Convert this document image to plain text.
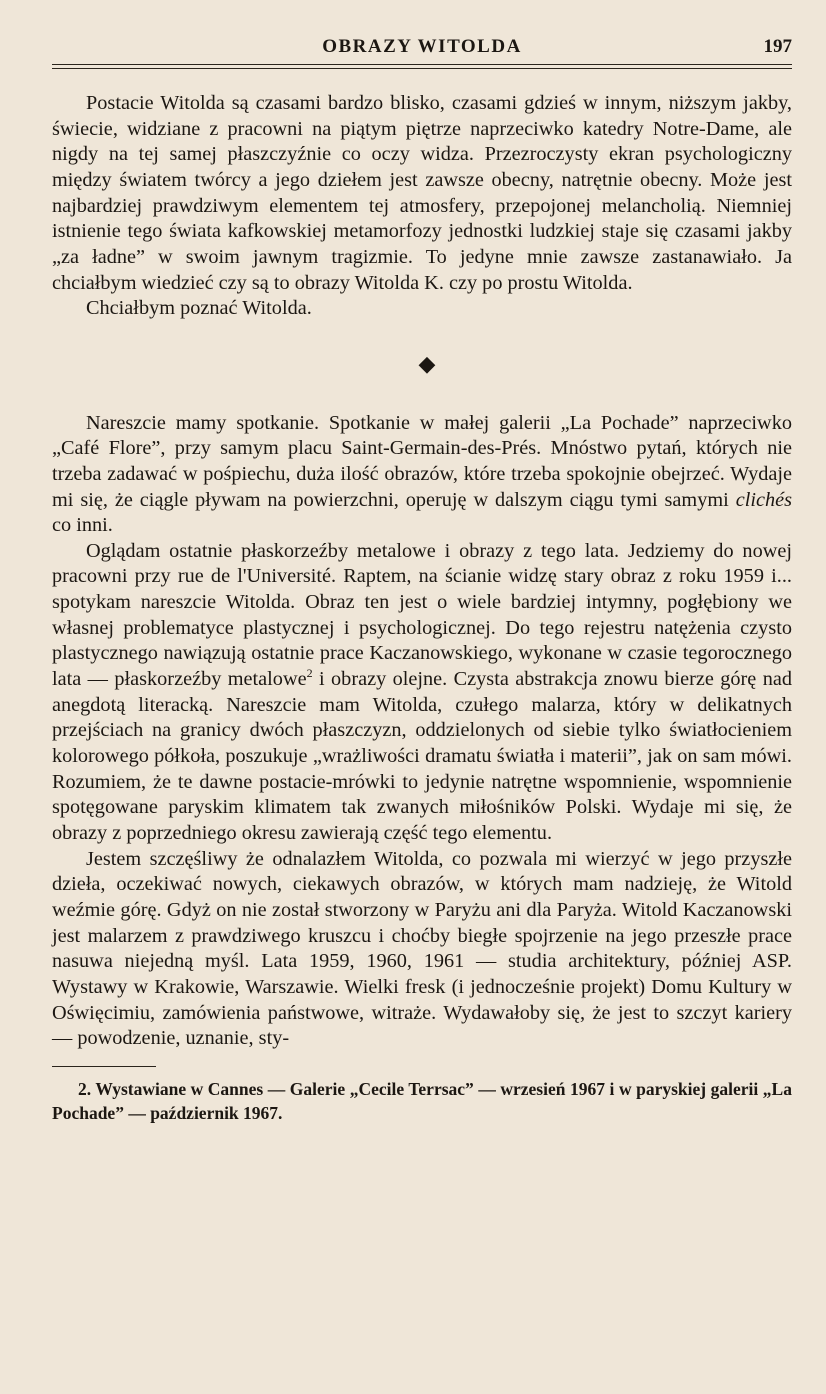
OBRAZY WITOLDA	197

Postacie Witolda są czasami bardzo blisko, czasami gdzieś w innym, niższym jakby, świecie, widziane z pracowni na piątym piętrze naprzeciwko katedry Notre-Dame, ale nigdy na tej samej płaszczyźnie co oczy widza. Przezroczysty ekran psychologiczny między światem twórcy a jego dziełem jest zawsze obecny, natrętnie obecny. Może jest najbardziej prawdziwym elementem tej atmosfery, przepojonej melancholią. Niemniej istnienie tego świata kafkowskiej metamorfozy jednostki ludzkiej staje się czasami jakby „za ładne” w swoim jawnym tragizmie. To jedyne mnie zawsze zastanawiało. Ja chciałbym wiedzieć czy są to obrazy Witolda K. czy po prostu Witolda.

Chciałbym poznać Witolda.

◆

Nareszcie mamy spotkanie. Spotkanie w małej galerii „La Pochade” naprzeciwko „Café Flore”, przy samym placu Saint-Germain-des-Prés. Mnóstwo pytań, których nie trzeba zadawać w pośpiechu, duża ilość obrazów, które trzeba spokojnie obejrzeć. Wydaje mi się, że ciągle pływam na powierzchni, operuję w dalszym ciągu tymi samymi clichés co inni.

Oglądam ostatnie płaskorzeźby metalowe i obrazy z tego lata. Jedziemy do nowej pracowni przy rue de l'Université. Raptem, na ścianie widzę stary obraz z roku 1959 i... spotykam nareszcie Witolda. Obraz ten jest o wiele bardziej intymny, pogłębiony we własnej problematyce plastycznej i psychologicznej. Do tego rejestru natężenia czysto plastycznego nawiązują ostatnie prace Kaczanowskiego, wykonane w czasie tegorocznego lata — płaskorzeźby metalowe$^2$ i obrazy olejne. Czysta abstrakcja znowu bierze górę nad anegdotą literacką. Nareszcie mam Witolda, czułego malarza, który w delikatnych przejściach na granicy dwóch płaszczyzn, oddzielonych od siebie tylko światłocieniem kolorowego półkoła, poszukuje „wrażliwości dramatu światła i materii”, jak on sam mówi. Rozumiem, że te dawne postacie-mrówki to jedynie natrętne wspomnienie, wspomnienie spotęgowane paryskim klimatem tak zwanych miłośników Polski. Wydaje mi się, że obrazy z poprzedniego okresu zawierają część tego elementu.

Jestem szczęśliwy że odnalazłem Witolda, co pozwala mi wierzyć w jego przyszłe dzieła, oczekiwać nowych, ciekawych obrazów, w których mam nadzieję, że Witold weźmie górę. Gdyż on nie został stworzony w Paryżu ani dla Paryża. Witold Kaczanowski jest malarzem z prawdziwego kruszcu i choćby biegłe spojrzenie na jego przeszłe prace nasuwa niejedną myśl. Lata 1959, 1960, 1961 — studia architektury, później ASP. Wystawy w Krakowie, Warszawie. Wielki fresk (i jednocześnie projekt) Domu Kultury w Oświęcimiu, zamówienia państwowe, witraże. Wydawałoby się, że jest to szczyt kariery — powodzenie, uznanie, sty-

2. Wystawiane w Cannes — Galerie „Cecile Terrsac” — wrzesień 1967 i w paryskiej galerii „La Pochade” — październik 1967.
